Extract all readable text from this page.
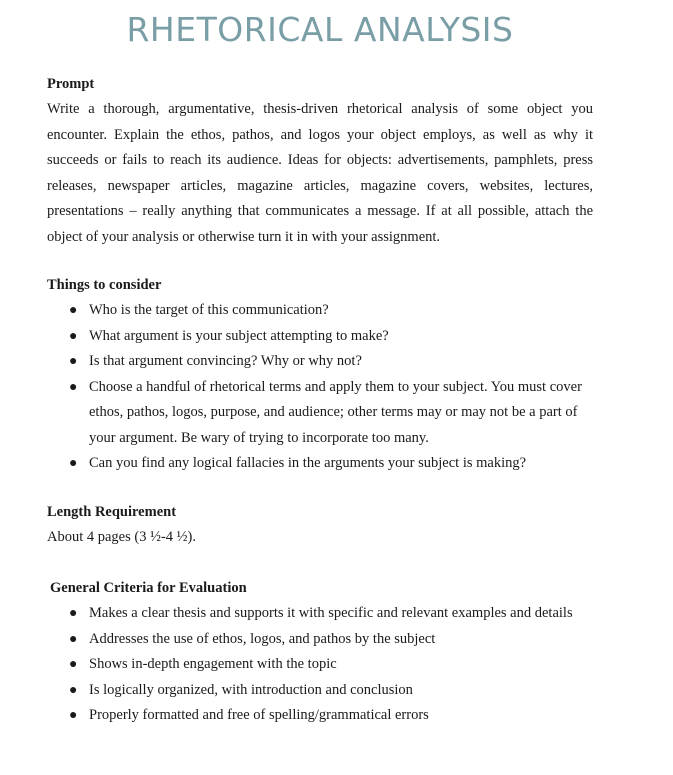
RHETORICAL ANALYSIS

Prompt

Write a thorough, argumentative, thesis-driven rhetorical analysis of some object you encounter. Explain the ethos, pathos, and logos your object employs, as well as why it succeeds or fails to reach its audience. Ideas for objects: advertisements, pamphlets, press releases, newspaper articles, magazine articles, magazine covers, websites, lectures, presentations – really anything that communicates a message. If at all possible, attach the object of your analysis or otherwise turn it in with your assignment.

Things to consider

● Who is the target of this communication?
● What argument is your subject attempting to make?
● Is that argument convincing? Why or why not?
● Choose a handful of rhetorical terms and apply them to your subject. You must cover ethos, pathos, logos, purpose, and audience; other terms may or may not be a part of your argument. Be wary of trying to incorporate too many.
● Can you find any logical fallacies in the arguments your subject is making?

Length Requirement

About 4 pages (3 ½-4 ½).

General Criteria for Evaluation

● Makes a clear thesis and supports it with specific and relevant examples and details
● Addresses the use of ethos, logos, and pathos by the subject
● Shows in-depth engagement with the topic
● Is logically organized, with introduction and conclusion
● Properly formatted and free of spelling/grammatical errors
